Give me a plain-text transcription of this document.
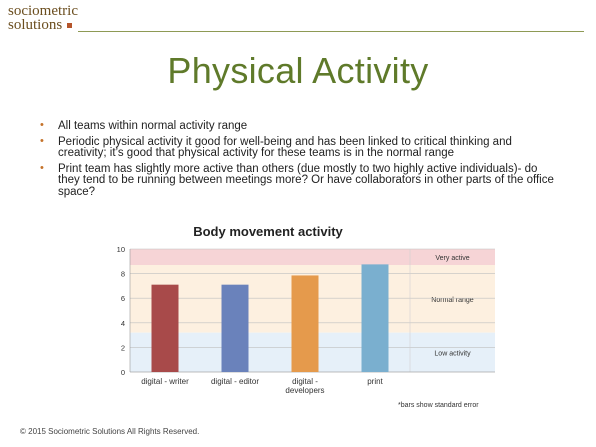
sociometric
solutions
Physical Activity
• All teams within normal activity range
• Periodic physical activity it good for well-being and has been linked to critical thinking and creativity; it’s good that physical activity for these teams is in the normal range
• Print team has slightly more active than others (due mostly to two highly active individuals)- do they tend to be running between meetings more? Or have collaborators in other parts of the office space?
Body movement activity
Very active
Normal range
Low activity
0
2
4
6
8
10
digital - writer	digital - editor	digital -developers
print
*bars show standard error
© 2015 Sociometric Solutions All Rights Reserved.
